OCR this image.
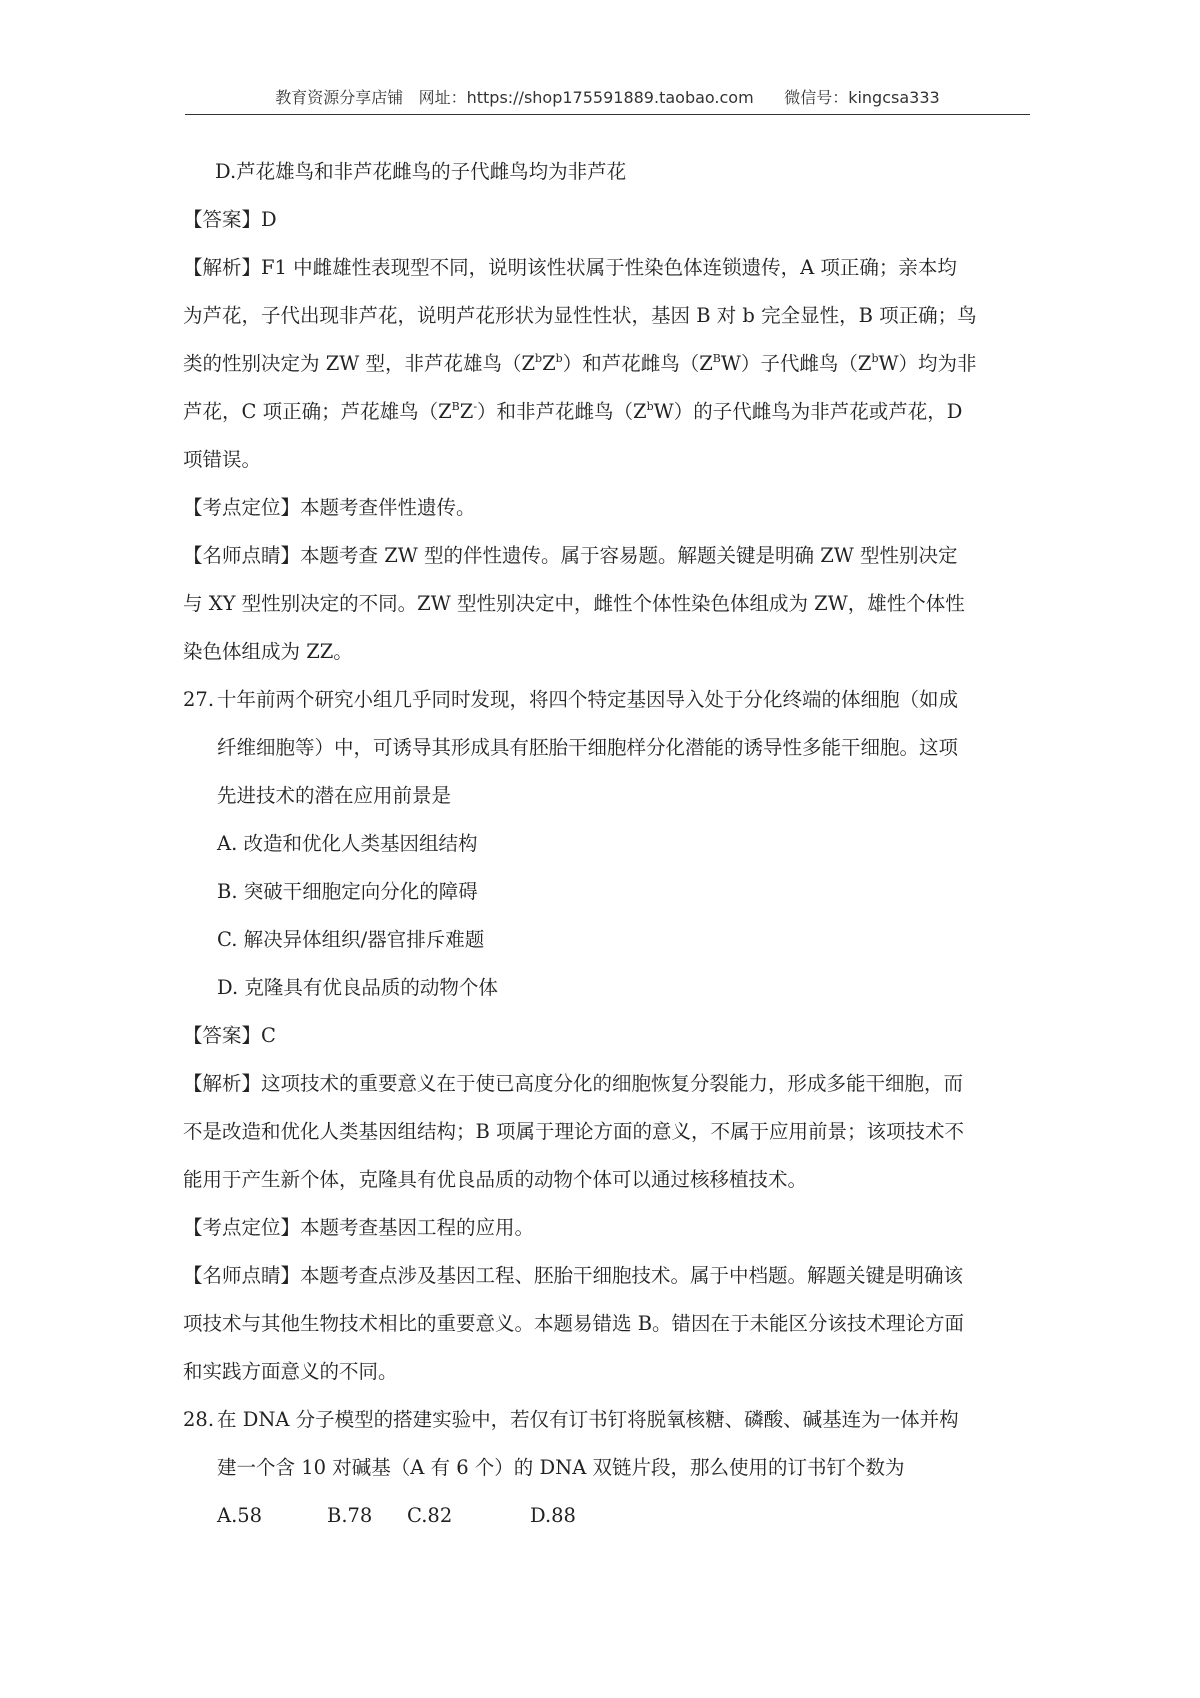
教育资源分享店铺 网址：https://shop175591889.taobao.com 微信号：kingcsa333
D.芦花雄鸟和非芦花雌鸟的子代雌鸟均为非芦花
【答案】D
【解析】F1 中雌雄性表现型不同，说明该性状属于性染色体连锁遗传，A 项正确；亲本均
为芦花，子代出现非芦花，说明芦花形状为显性性状，基因 B 对 b 完全显性，B 项正确；鸟
类的性别决定为 ZW 型，非芦花雄鸟$(Z^bZ^b)$和芦花雌鸟$(Z^BW)$子代雌鸟$(Z^bW)$均为非
芦花，C 项正确；芦花雄鸟$(Z^BZ^-)$和非芦花雌鸟$(Z^bW)$的子代雌鸟为非芦花或芦花，D
项错误。
【考点定位】本题考查伴性遗传。
【名师点睛】本题考查 ZW 型的伴性遗传。属于容易题。解题关键是明确 ZW 型性别决定
与 XY 型性别决定的不同。ZW 型性别决定中，雌性个体性染色体组成为 ZW，雄性个体性
染色体组成为 ZZ。
27. 十年前两个研究小组几乎同时发现，将四个特定基因导入处于分化终端的体细胞（如成
纤维细胞等）中，可诱导其形成具有胚胎干细胞样分化潜能的诱导性多能干细胞。这项
先进技术的潜在应用前景是
A. 改造和优化人类基因组结构
B. 突破干细胞定向分化的障碍
C. 解决异体组织/器官排斥难题
D. 克隆具有优良品质的动物个体
【答案】C
【解析】这项技术的重要意义在于使已高度分化的细胞恢复分裂能力，形成多能干细胞，而
不是改造和优化人类基因组结构；B 项属于理论方面的意义，不属于应用前景；该项技术不
能用于产生新个体，克隆具有优良品质的动物个体可以通过核移植技术。
【考点定位】本题考查基因工程的应用。
【名师点睛】本题考查点涉及基因工程、胚胎干细胞技术。属于中档题。解题关键是明确该
项技术与其他生物技术相比的重要意义。本题易错选 B。错因在于未能区分该技术理论方面
和实践方面意义的不同。
28. 在 DNA 分子模型的搭建实验中，若仅有订书钉将脱氧核糖、磷酸、碱基连为一体并构
建一个含 10 对碱基（A 有 6 个）的 DNA 双链片段，那么使用的订书钉个数为
A.58	B.78 C.82	D.88
